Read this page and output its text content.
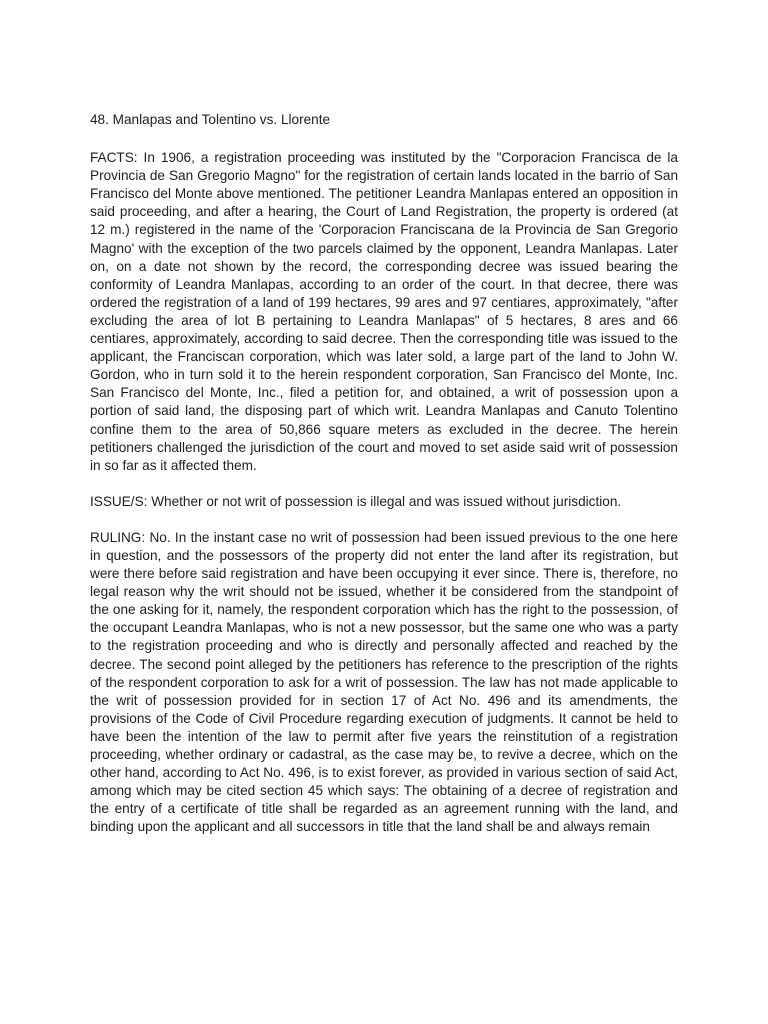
48. Manlapas and Tolentino vs. Llorente

FACTS: In 1906, a registration proceeding was instituted by the "Corporacion Francisca de la Provincia de San Gregorio Magno" for the registration of certain lands located in the barrio of San Francisco del Monte above mentioned. The petitioner Leandra Manlapas entered an opposition in said proceeding, and after a hearing, the Court of Land Registration, the property is ordered (at 12 m.) registered in the name of the 'Corporacion Franciscana de la Provincia de San Gregorio Magno' with the exception of the two parcels claimed by the opponent, Leandra Manlapas. Later on, on a date not shown by the record, the corresponding decree was issued bearing the conformity of Leandra Manlapas, according to an order of the court. In that decree, there was ordered the registration of a land of 199 hectares, 99 ares and 97 centiares, approximately, "after excluding the area of lot B pertaining to Leandra Manlapas" of 5 hectares, 8 ares and 66 centiares, approximately, according to said decree. Then the corresponding title was issued to the applicant, the Franciscan corporation, which was later sold, a large part of the land to John W. Gordon, who in turn sold it to the herein respondent corporation, San Francisco del Monte, Inc. San Francisco del Monte, Inc., filed a petition for, and obtained, a writ of possession upon a portion of said land, the disposing part of which writ. Leandra Manlapas and Canuto Tolentino confine them to the area of 50,866 square meters as excluded in the decree. The herein petitioners challenged the jurisdiction of the court and moved to set aside said writ of possession in so far as it affected them.

ISSUE/S: Whether or not writ of possession is illegal and was issued without jurisdiction.

RULING: No. In the instant case no writ of possession had been issued previous to the one here in question, and the possessors of the property did not enter the land after its registration, but were there before said registration and have been occupying it ever since. There is, therefore, no legal reason why the writ should not be issued, whether it be considered from the standpoint of the one asking for it, namely, the respondent corporation which has the right to the possession, of the occupant Leandra Manlapas, who is not a new possessor, but the same one who was a party to the registration proceeding and who is directly and personally affected and reached by the decree. The second point alleged by the petitioners has reference to the prescription of the rights of the respondent corporation to ask for a writ of possession. The law has not made applicable to the writ of possession provided for in section 17 of Act No. 496 and its amendments, the provisions of the Code of Civil Procedure regarding execution of judgments. It cannot be held to have been the intention of the law to permit after five years the reinstitution of a registration proceeding, whether ordinary or cadastral, as the case may be, to revive a decree, which on the other hand, according to Act No. 496, is to exist forever, as provided in various section of said Act, among which may be cited section 45 which says: The obtaining of a decree of registration and the entry of a certificate of title shall be regarded as an agreement running with the land, and binding upon the applicant and all successors in title that the land shall be and always remain
